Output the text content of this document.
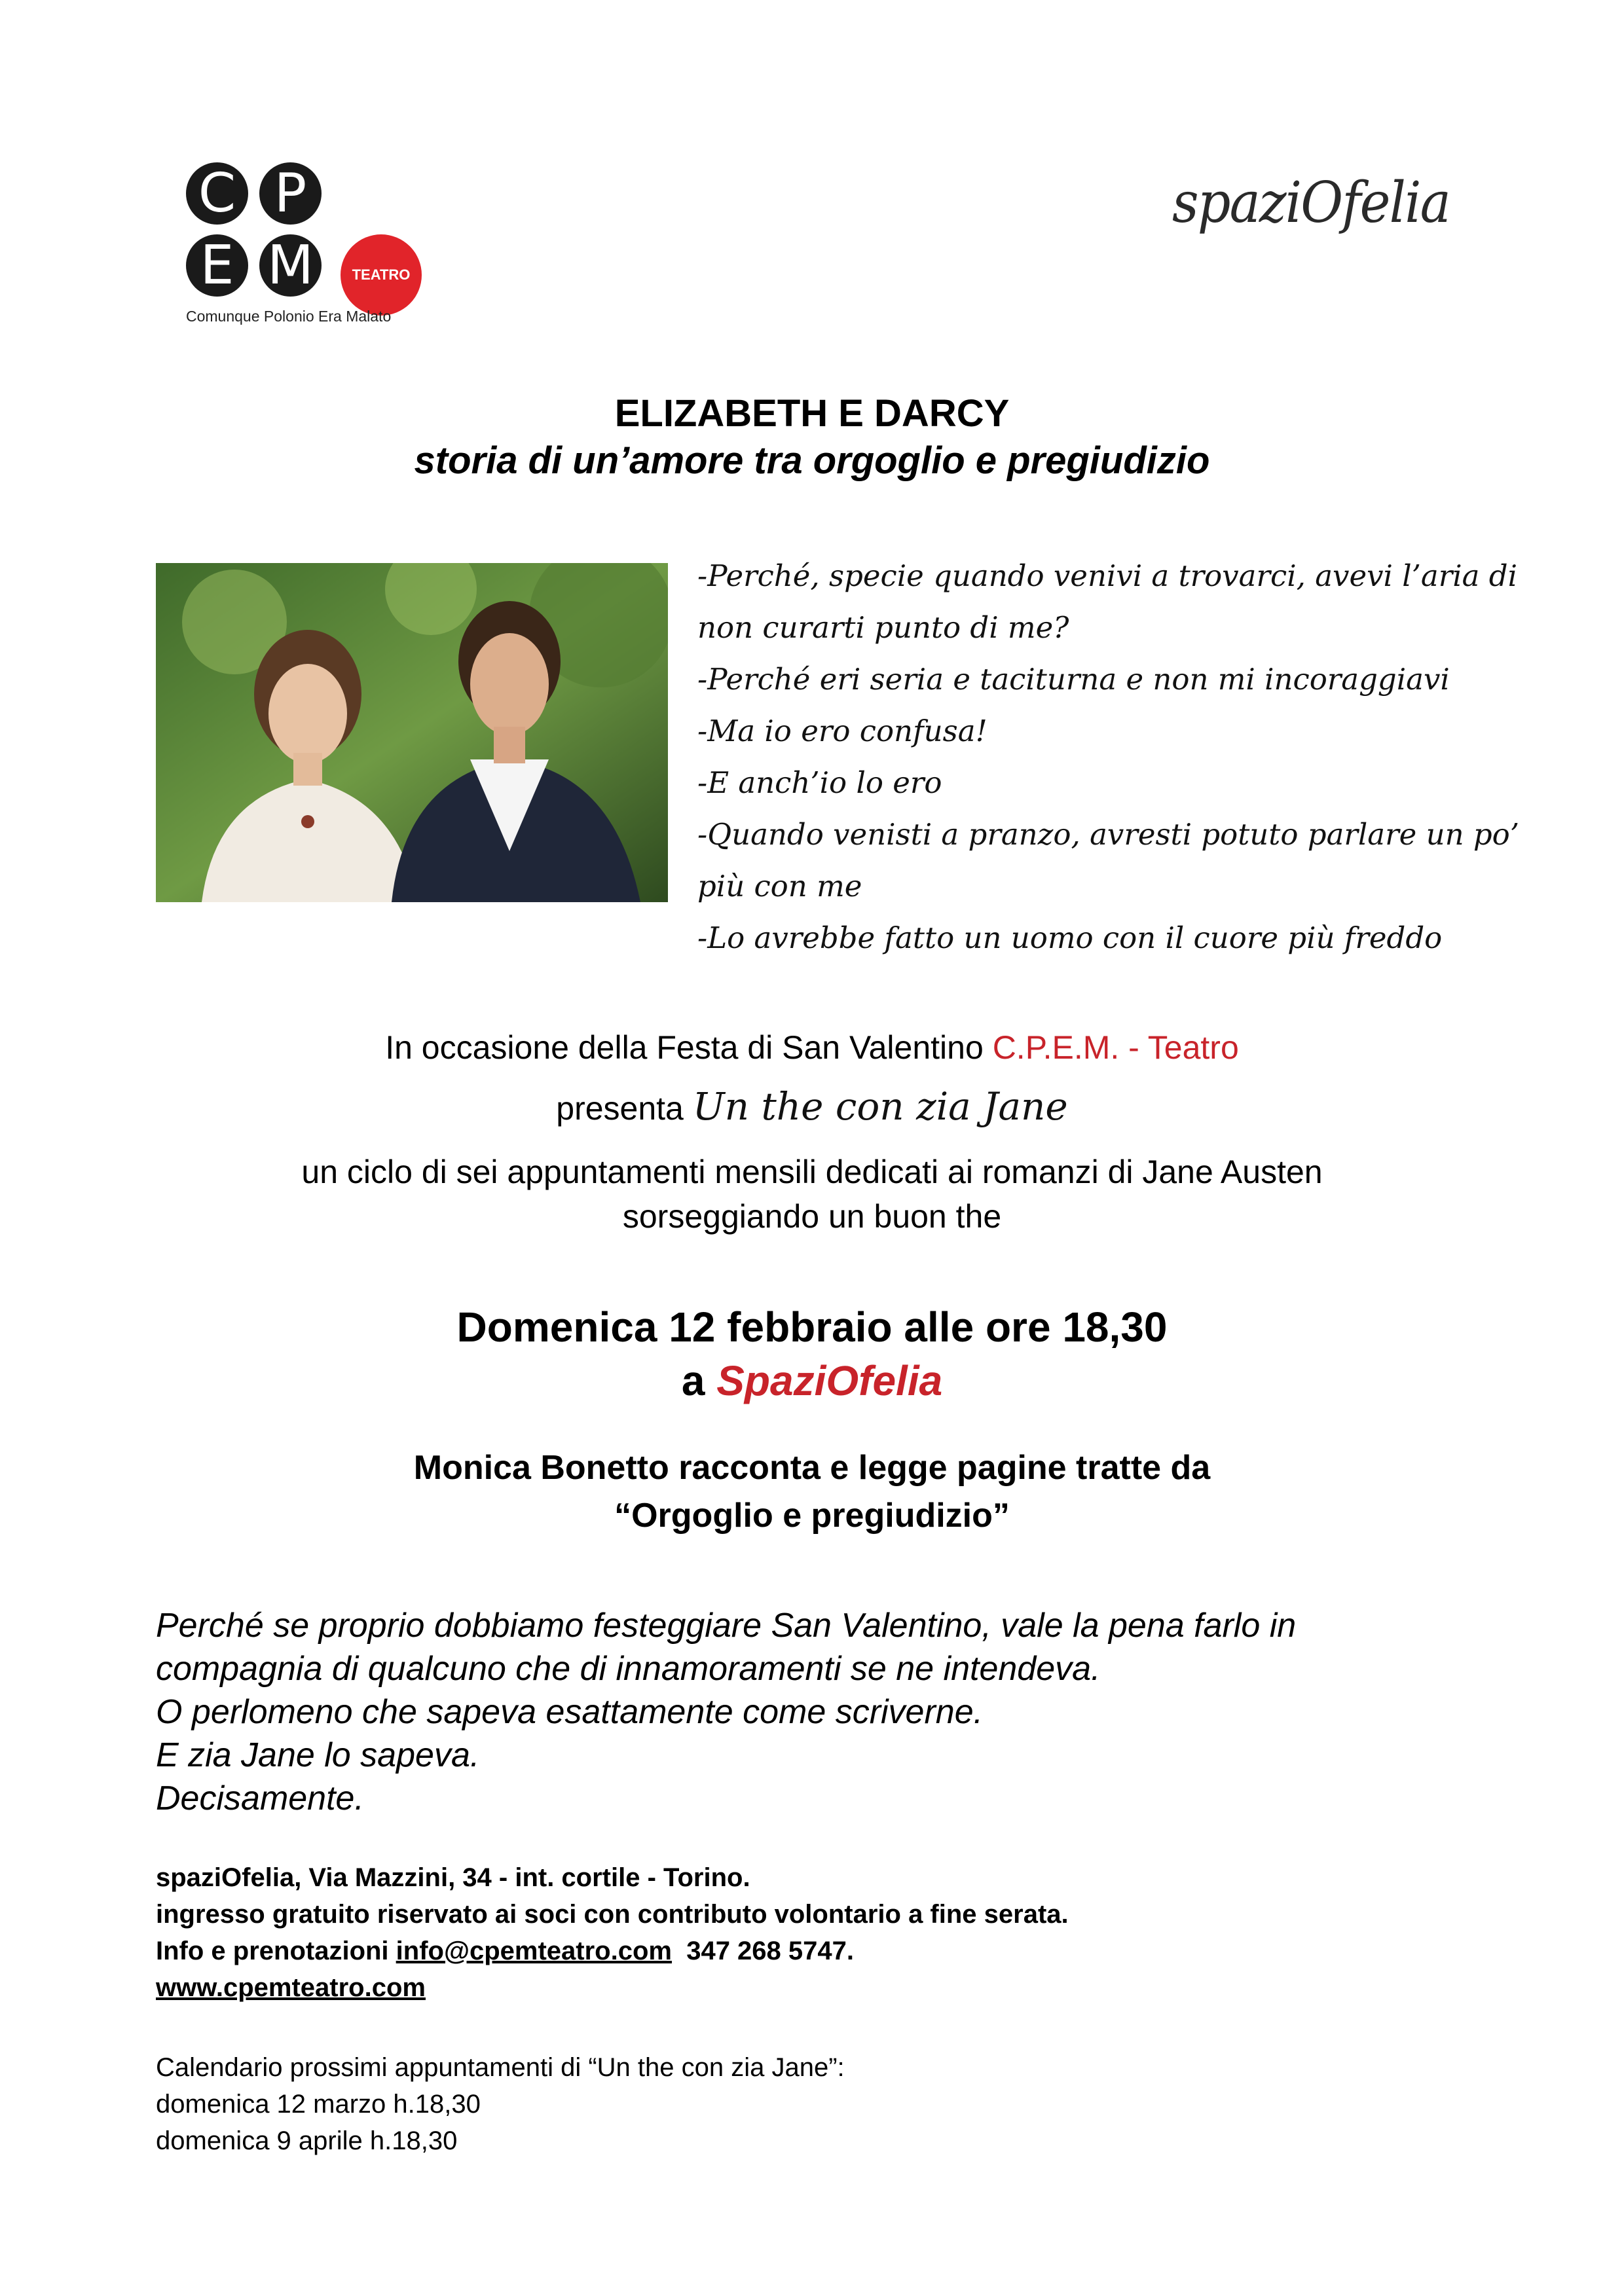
C P
E M	TEATRO
Comunque Polonio Era Malato
spaziOfelia
ELIZABETH E DARCY
storia di un’amore tra orgoglio e pregiudizio
-Perché, specie quando venivi a trovarci, avevi l’aria di
non curarti punto di me?
-Perché eri seria e taciturna e non mi incoraggiavi
-Ma io ero confusa!
-E anch’io lo ero
-Quando venisti a pranzo, avresti potuto parlare un po’
più con me
-Lo avrebbe fatto un uomo con il cuore più freddo
In occasione della Festa di San Valentino C.P.E.M. - Teatro
presenta Un the con zia Jane
un ciclo di sei appuntamenti mensili dedicati ai romanzi di Jane Austen
sorseggiando un buon the
Domenica 12 febbraio alle ore 18,30
a SpaziOfelia
Monica Bonetto racconta e legge pagine tratte da
“Orgoglio e pregiudizio”
Perché se proprio dobbiamo festeggiare San Valentino, vale la pena farlo in
compagnia di qualcuno che di innamoramenti se ne intendeva.
O perlomeno che sapeva esattamente come scriverne.
E zia Jane lo sapeva.
Decisamente.
spaziOfelia, Via Mazzini, 34 - int. cortile - Torino.
ingresso gratuito riservato ai soci con contributo volontario a fine serata.
Info e prenotazioni info@cpemteatro.com 347 268 5747.
www.cpemteatro.com
Calendario prossimi appuntamenti di “Un the con zia Jane”:
domenica 12 marzo h.18,30
domenica 9 aprile h.18,30
